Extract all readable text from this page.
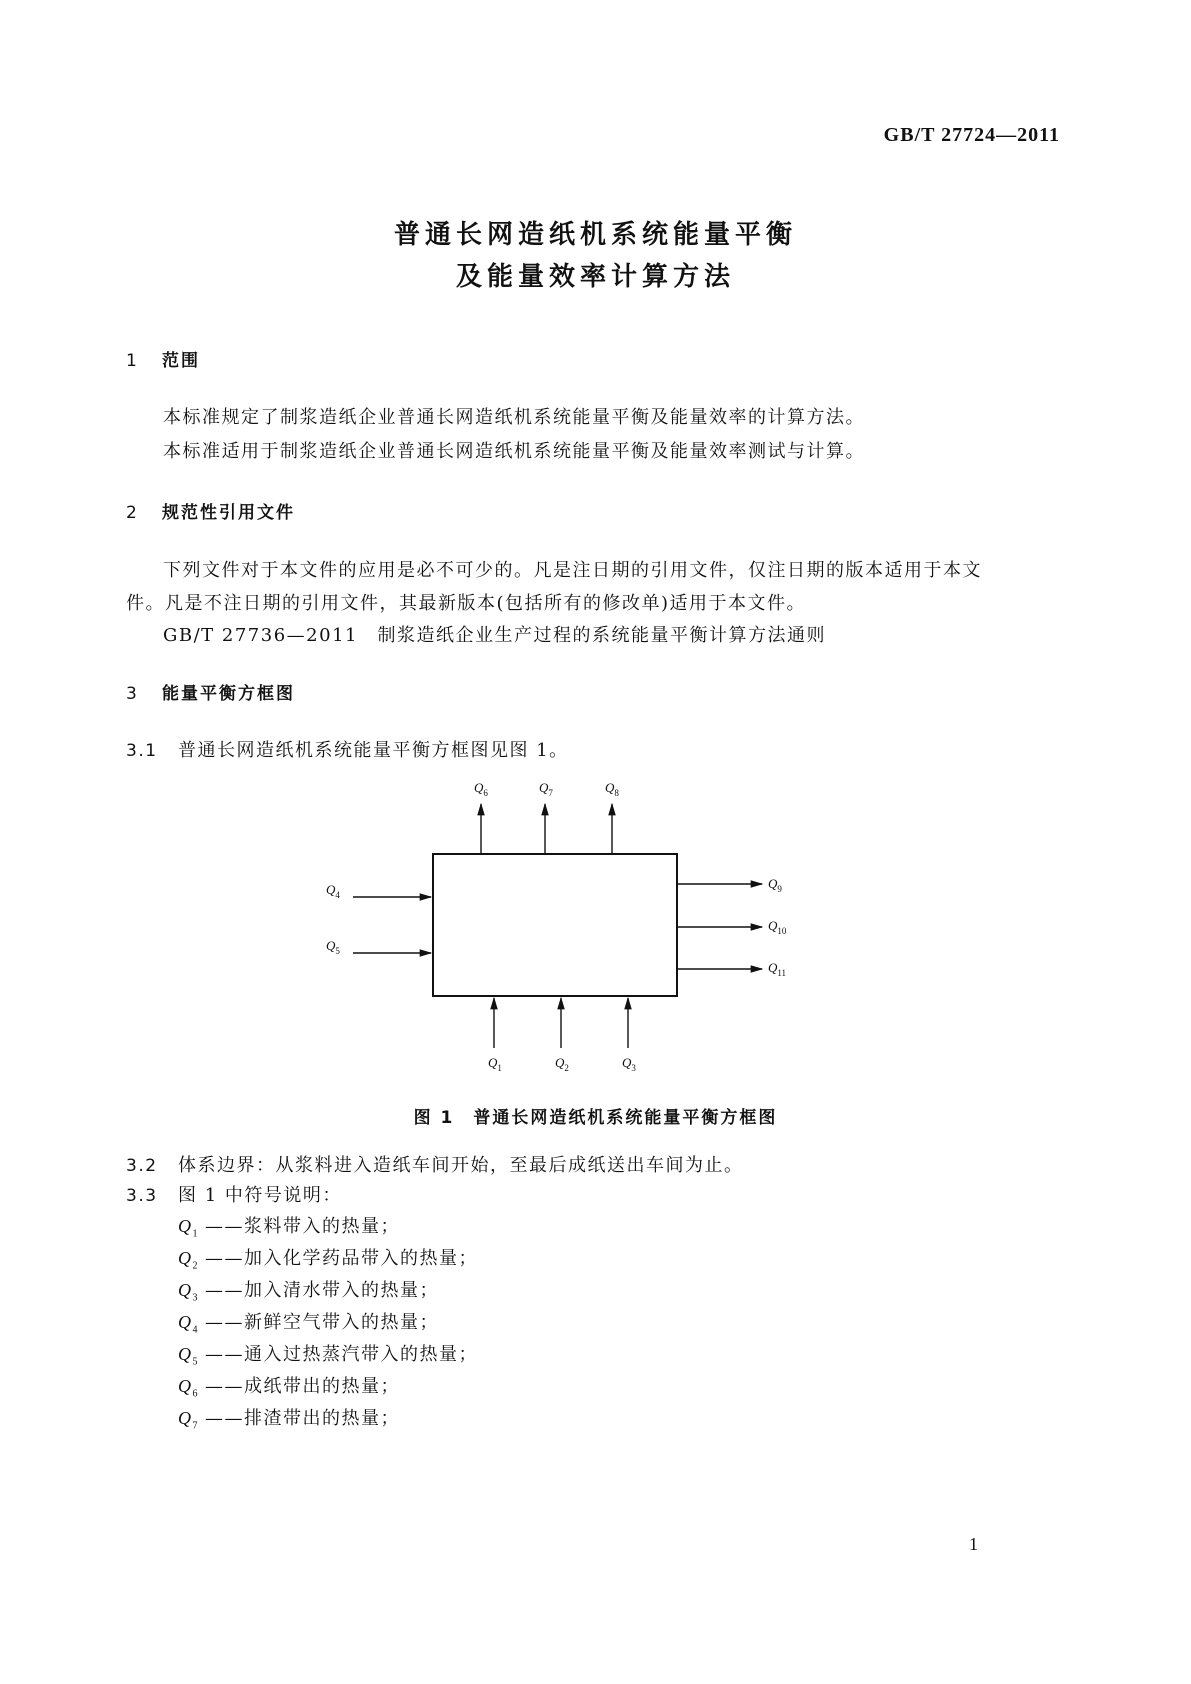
GB/T 27724—2011
普通长网造纸机系统能量平衡
及能量效率计算方法
1 范围
本标准规定了制浆造纸企业普通长网造纸机系统能量平衡及能量效率的计算方法。
本标准适用于制浆造纸企业普通长网造纸机系统能量平衡及能量效率测试与计算。
2 规范性引用文件
下列文件对于本文件的应用是必不可少的。凡是注日期的引用文件，仅注日期的版本适用于本文
件。凡是不注日期的引用文件，其最新版本(包括所有的修改单)适用于本文件。
GB/T 27736—2011　制浆造纸企业生产过程的系统能量平衡计算方法通则
3 能量平衡方框图
3.1 普通长网造纸机系统能量平衡方框图见图 1。
$Q_6$	$Q_7$	$Q_8$
$Q_4$
$Q_5$
$Q_9$
$Q_{10}$
$Q_{11}$
$Q_1$	$Q_2$	$Q_3$
图 1　普通长网造纸机系统能量平衡方框图
3.2 体系边界：从浆料进入造纸车间开始，至最后成纸送出车间为止。
3.3 图 1 中符号说明：
$Q_1$ ——浆料带入的热量；
$Q_2$ ——加入化学药品带入的热量；
$Q_3$ ——加入清水带入的热量；
$Q_4$ ——新鲜空气带入的热量；
$Q_5$ ——通入过热蒸汽带入的热量；
$Q_6$ ——成纸带出的热量；
$Q_7$ ——排渣带出的热量；
1
